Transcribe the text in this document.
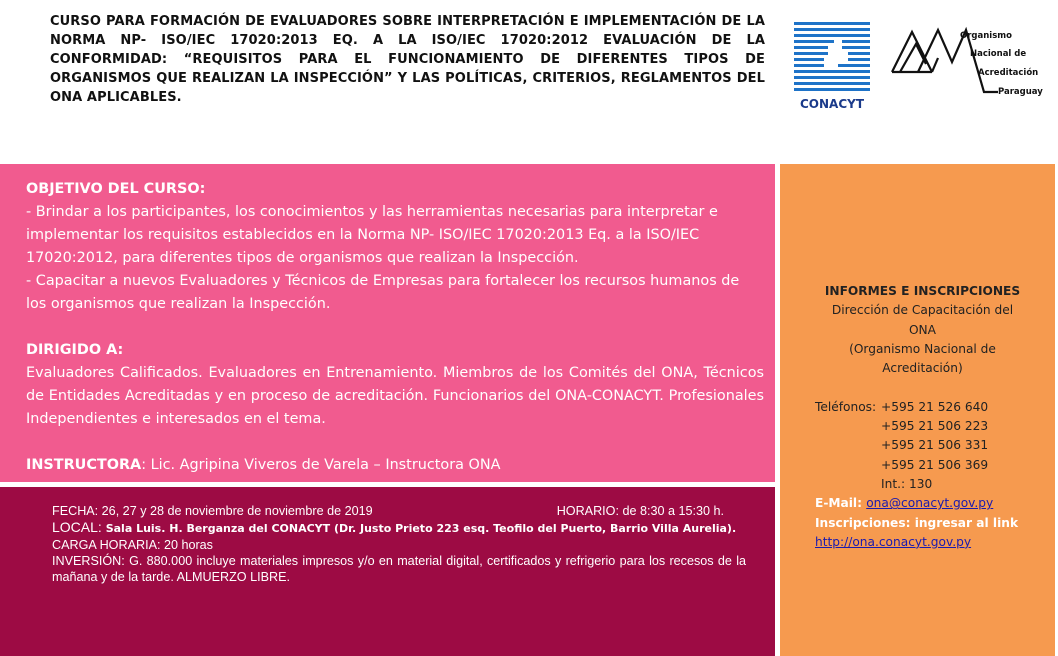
CURSO PARA FORMACIÓN DE EVALUADORES SOBRE INTERPRETACIÓN E IMPLEMENTACIÓN DE LA NORMA NP- ISO/IEC 17020:2013 EQ. A LA ISO/IEC 17020:2012 EVALUACIÓN DE LA CONFORMIDAD: “REQUISITOS PARA EL FUNCIONAMIENTO DE DIFERENTES TIPOS DE ORGANISMOS QUE REALIZAN LA INSPECCIÓN” Y LAS POLÍTICAS, CRITERIOS, REGLAMENTOS DEL ONA APLICABLES.	CONACYT
Organismo
Nacional de
Acreditación
Paraguay

OBJETIVO DEL CURSO:

- Brindar a los participantes, los conocimientos y las herramientas necesarias para interpretar e implementar los requisitos establecidos en la Norma NP- ISO/IEC 17020:2013 Eq. a la ISO/IEC 17020:2012, para diferentes tipos de organismos que realizan la Inspección.

- Capacitar a nuevos Evaluadores y Técnicos de Empresas para fortalecer los recursos humanos de los organismos que realizan la Inspección.

DIRIGIDO A:

Evaluadores Calificados. Evaluadores en Entrenamiento. Miembros de los Comités del ONA, Técnicos de Entidades Acreditadas y en proceso de acreditación. Funcionarios del ONA-CONACYT. Profesionales Independientes e interesados en el tema.

INSTRUCTORA: Lic. Agripina Viveros de Varela – Instructora ONA

FECHA: 26, 27 y 28 de noviembre de noviembre de 2019	HORARIO: de 8:30 a 15:30 h.

LOCAL: Sala Luis. H. Berganza del CONACYT (Dr. Justo Prieto 223 esq. Teofilo del Puerto, Barrio Villa Aurelia).

CARGA HORARIA: 20 horas

INVERSIÓN: G. 880.000 incluye materiales impresos y/o en material digital, certificados y refrigerio para los recesos de la mañana y de la tarde. ALMUERZO LIBRE.

INFORMES E INSCRIPCIONES
Dirección de Capacitación del
ONA
(Organismo Nacional de
Acreditación)

Teléfonos: +595 21 526 640
+595 21 506 223
+595 21 506 331
+595 21 506 369
Int.: 130
E-Mail: ona@conacyt.gov.py
Inscripciones: ingresar al link
http://ona.conacyt.gov.py
